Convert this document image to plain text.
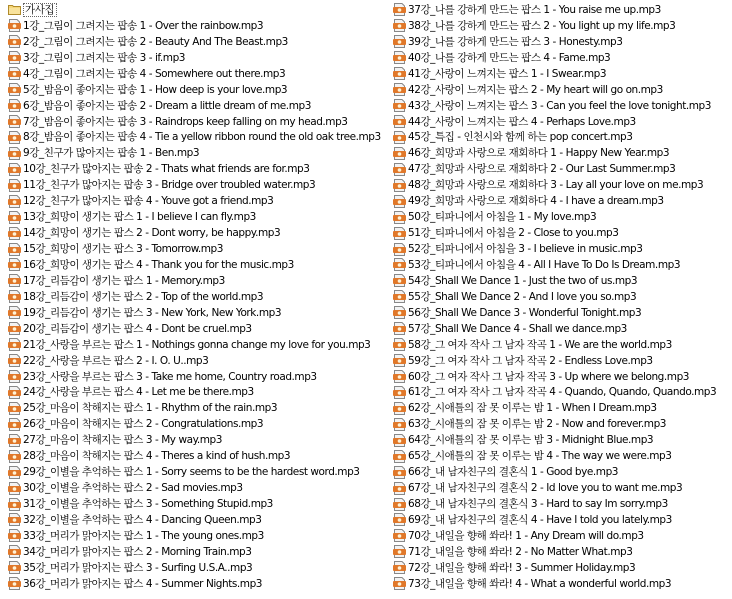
가사집
1강_그림이 그려지는 팝송 1 - Over the rainbow.mp3
2강_그림이 그려지는 팝송 2 - Beauty And The Beast.mp3
3강_그림이 그려지는 팝송 3 - if.mp3
4강_그림이 그려지는 팝송 4 - Somewhere out there.mp3
5강_밤음이 좋아지는 팝송 1 - How deep is your love.mp3
6강_밤음이 좋아지는 팝송 2 - Dream a little dream of me.mp3
7강_밤음이 좋아지는 팝송 3 - Raindrops keep falling on my head.mp3
8강_밤음이 좋아지는 팝송 4 - Tie a yellow ribbon round the old oak tree.mp3
9강_친구가 많아지는 팝송 1 - Ben.mp3
10강_친구가 많아지는 팝송 2 - Thats what friends are for.mp3
11강_친구가 많아지는 팝송 3 - Bridge over troubled water.mp3
12강_친구가 많아지는 팝송 4 - Youve got a friend.mp3
13강_희망이 생기는 팝스 1 - I believe I can fly.mp3
14강_희망이 생기는 팝스 2 - Dont worry, be happy.mp3
15강_희망이 생기는 팝스 3 - Tomorrow.mp3
16강_희망이 생기는 팝스 4 - Thank you for the music.mp3
17강_리듬감이 생기는 팝스 1 - Memory.mp3
18강_리듬감이 생기는 팝스 2 - Top of the world.mp3
19강_리듬감이 생기는 팝스 3 - New York, New York.mp3
20강_리듬감이 생기는 팝스 4 - Dont be cruel.mp3
21강_사랑을 부르는 팝스 1 - Nothings gonna change my love for you.mp3
22강_사랑을 부르는 팝스 2 - I. O. U..mp3
23강_사랑을 부르는 팝스 3 - Take me home, Country road.mp3
24강_사랑을 부르는 팝스 4 - Let me be there.mp3
25강_마음이 착해지는 팝스 1 - Rhythm of the rain.mp3
26강_마음이 착해지는 팝스 2 - Congratulations.mp3
27강_마음이 착해지는 팝스 3 - My way.mp3
28강_마음이 착해지는 팝스 4 - Theres a kind of hush.mp3
29강_이별을 추억하는 팝스 1 - Sorry seems to be the hardest word.mp3
30강_이별을 추억하는 팝스 2 - Sad movies.mp3
31강_이별을 추억하는 팝스 3 - Something Stupid.mp3
32강_이별을 추억하는 팝스 4 - Dancing Queen.mp3
33강_머리가 맑아지는 팝스 1 - The young ones.mp3
34강_머리가 맑아지는 팝스 2 - Morning Train.mp3
35강_머리가 맑아지는 팝스 3 - Surfing U.S.A..mp3
36강_머리가 맑아지는 팝스 4 - Summer Nights.mp3
37강_나를 강하게 만드는 팝스 1 - You raise me up.mp3
38강_나를 강하게 만드는 팝스 2 - You light up my life.mp3
39강_나를 강하게 만드는 팝스 3 - Honesty.mp3
40강_나를 강하게 만드는 팝스 4 - Fame.mp3
41강_사랑이 느껴지는 팝스 1 - I Swear.mp3
42강_사랑이 느껴지는 팝스 2 - My heart will go on.mp3
43강_사랑이 느껴지는 팝스 3 - Can you feel the love tonight.mp3
44강_사랑이 느껴지는 팝스 4 - Perhaps Love.mp3
45강_특집 - 인천시와 함께 하는 pop concert.mp3
46강_희망과 사랑으로 재회하다 1 - Happy New Year.mp3
47강_희망과 사랑으로 재회하다 2 - Our Last Summer.mp3
48강_희망과 사랑으로 재회하다 3 - Lay all your love on me.mp3
49강_희망과 사랑으로 재회하다 4 - I have a dream.mp3
50강_티파니에서 아침을 1 - My love.mp3
51강_티파니에서 아침을 2 - Close to you.mp3
52강_티파니에서 아침을 3 - I believe in music.mp3
53강_티파니에서 아침을 4 - All I Have To Do Is Dream.mp3
54강_Shall We Dance 1 - Just the two of us.mp3
55강_Shall We Dance 2 - And I love you so.mp3
56강_Shall We Dance 3 - Wonderful Tonight.mp3
57강_Shall We Dance 4 - Shall we dance.mp3
58강_그 여자 작사 그 남자 작곡 1 - We are the world.mp3
59강_그 여자 작사 그 남자 작곡 2 - Endless Love.mp3
60강_그 여자 작사 그 남자 작곡 3 - Up where we belong.mp3
61강_그 여자 작사 그 남자 작곡 4 - Quando, Quando, Quando.mp3
62강_시애틀의 잠 못 이루는 밤 1 - When I Dream.mp3
63강_시애틀의 잠 못 이루는 밤 2 - Now and forever.mp3
64강_시애틀의 잠 못 이루는 밤 3 - Midnight Blue.mp3
65강_시애틀의 잠 못 이루는 밤 4 - The way we were.mp3
66강_내 남자친구의 결혼식 1 - Good bye.mp3
67강_내 남자친구의 결혼식 2 - Id love you to want me.mp3
68강_내 남자친구의 결혼식 3 - Hard to say Im sorry.mp3
69강_내 남자친구의 결혼식 4 - Have I told you lately.mp3
70강_내일을 향해 쏴라! 1 - Any Dream will do.mp3
71강_내일을 향해 쏴라! 2 - No Matter What.mp3
72강_내일을 향해 쏴라! 3 - Summer Holiday.mp3
73강_내일을 향해 쏴라! 4 - What a wonderful world.mp3
